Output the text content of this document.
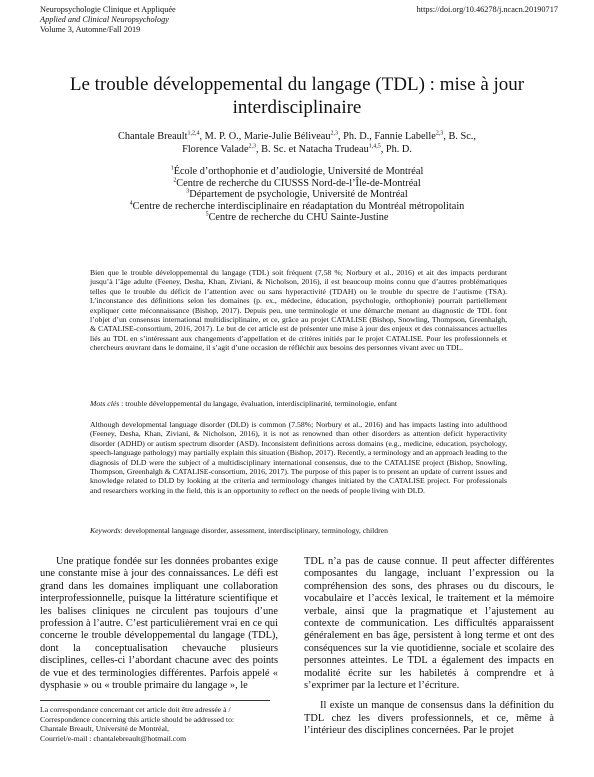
Neuropsychologie Clinique et Appliquée
Applied and Clinical Neuropsychology
Volume 3, Automne/Fall 2019
https://doi.org/10.46278/j.ncacn.20190717
Le trouble développemental du langage (TDL) : mise à jour
interdisciplinaire
Chantale Breault$^{1,2,4}$, M. P. O., Marie-Julie Béliveau$^{2,3}$, Ph. D., Fannie Labelle$^{2,3}$, B. Sc.,
Florence Valade$^{2,3}$, B. Sc. et Natacha Trudeau$^{1,4,5}$, Ph. D.
$^1$École d’orthophonie et d’audiologie, Université de Montréal
$^2$Centre de recherche du CIUSSS Nord-de-l’Île-de-Montréal
$^3$Département de psychologie, Université de Montréal
$^4$Centre de recherche interdisciplinaire en réadaptation du Montréal métropolitain
$^5$Centre de recherche du CHU Sainte-Justine
Bien que le trouble développemental du langage (TDL) soit fréquent (7,58 %; Norbury et al., 2016) et ait des impacts perdurant jusqu’à l’âge adulte (Feeney, Desha, Khan, Ziviani, & Nicholson, 2016), il est beaucoup moins connu que d’autres problématiques telles que le trouble du déficit de l’attention avec ou sans hyperactivité (TDAH) ou le trouble du spectre de l’autisme (TSA). L’inconstance des définitions selon les domaines (p. ex., médecine, éducation, psychologie, orthophonie) pourrait partiellement expliquer cette méconnaissance (Bishop, 2017). Depuis peu, une terminologie et une démarche menant au diagnostic de TDL font l’objet d’un consensus international multidisciplinaire, et ce, grâce au projet CATALISE (Bishop, Snowling, Thompson, Greenhalgh, & CATALISE-consortium, 2016, 2017). Le but de cet article est de présenter une mise à jour des enjeux et des connaissances actuelles liés au TDL en s’intéressant aux changements d’appellation et de critères initiés par le projet CATALISE. Pour les professionnels et chercheurs œuvrant dans le domaine, il s’agit d’une occasion de réfléchir aux besoins des personnes vivant avec un TDL.
Mots clés : trouble développemental du langage, évaluation, interdisciplinarité, terminologie, enfant
Although developmental language disorder (DLD) is common (7.58%; Norbury et al., 2016) and has impacts lasting into adulthood (Feeney, Desha, Khan, Ziviani, & Nicholson, 2016), it is not as renowned than other disorders as attention deficit hyperactivity disorder (ADHD) or autism spectrum disorder (ASD). Inconsistent definitions across domains (e.g., medicine, education, psychology, speech-language pathology) may partially explain this situation (Bishop, 2017). Recently, a terminology and an approach leading to the diagnosis of DLD were the subject of a multidisciplinary international consensus, due to the CATALISE project (Bishop, Snowling, Thompson, Greenhalgh & CATALISE-consortium, 2016, 2017). The purpose of this paper is to present an update of current issues and knowledge related to DLD by looking at the criteria and terminology changes initiated by the CATALISE project. For professionals and researchers working in the field, this is an opportunity to reflect on the needs of people living with DLD.
Keywords: developmental language disorder, assessment, interdisciplinary, terminology, children

Une pratique fondée sur les données probantes exige une constante mise à jour des connaissances. Le défi est grand dans les domaines impliquant une collaboration interprofessionnelle, puisque la littérature scientifique et les balises cliniques ne circulent pas toujours d’une profession à l’autre. C’est particulièrement vrai en ce qui concerne le trouble développemental du langage (TDL), dont la conceptualisation chevauche plusieurs disciplines, celles-ci l’abordant chacune avec des points de vue et des terminologies différentes. Parfois appelé « dysphasie » ou « trouble primaire du langage », le

TDL n’a pas de cause connue. Il peut affecter différentes composantes du langage, incluant l’expression ou la compréhension des sons, des phrases ou du discours, le vocabulaire et l’accès lexical, le traitement et la mémoire verbale, ainsi que la pragmatique et l’ajustement au contexte de communication. Les difficultés apparaissent généralement en bas âge, persistent à long terme et ont des conséquences sur la vie quotidienne, sociale et scolaire des personnes atteintes. Le TDL a également des impacts en modalité écrite sur les habiletés à comprendre et à s’exprimer par la lecture et l’écriture.

Il existe un manque de consensus dans la définition du TDL chez les divers professionnels, et ce, même à l’intérieur des disciplines concernées. Par le projet

La correspondance concernant cet article doit être adressée à /
Correspondence concerning this article should be addressed to:
Chantale Breault, Université de Montréal,
Courriel/e-mail : chantalebreault@hotmail.com
